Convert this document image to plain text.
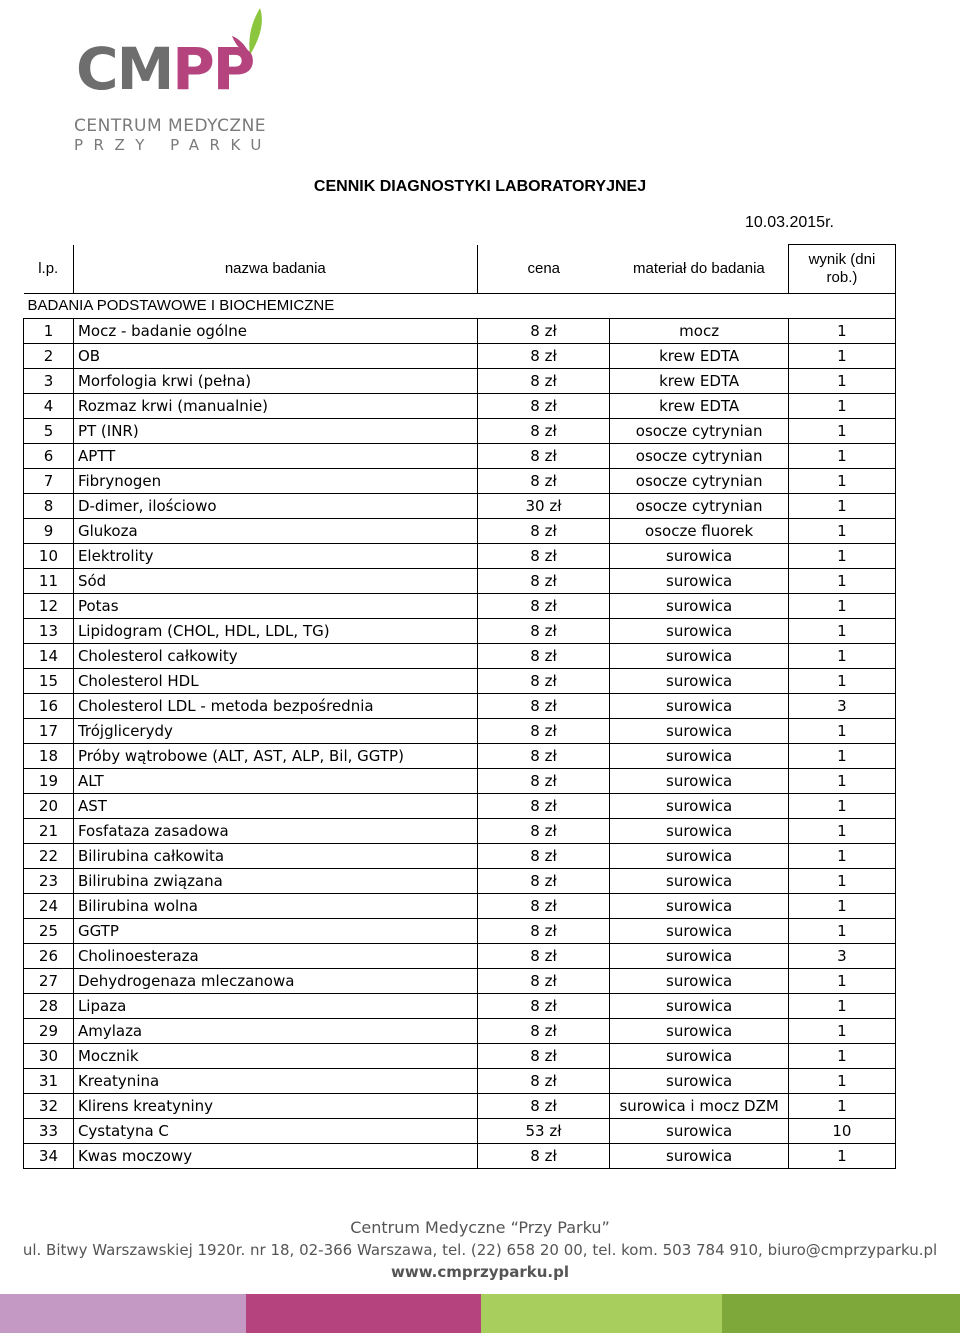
CMPP
CENTRUM MEDYCZNE
PRZY PARKU
CENNIK DIAGNOSTYKI LABORATORYJNEJ
10.03.2015r.
l.p.	nazwa badania	cena	materiał do badania	wynik (dni rob.)
BADANIA PODSTAWOWE I BIOCHEMICZNE				
1	Mocz - badanie ogólne	8 zł	mocz	1
2	OB	8 zł	krew EDTA	1
3	Morfologia krwi (pełna)	8 zł	krew EDTA	1
4	Rozmaz krwi (manualnie)	8 zł	krew EDTA	1
5	PT (INR)	8 zł	osocze cytrynian	1
6	APTT	8 zł	osocze cytrynian	1
7	Fibrynogen	8 zł	osocze cytrynian	1
8	D-dimer, ilościowo	30 zł	osocze cytrynian	1
9	Glukoza	8 zł	osocze fluorek	1
10	Elektrolity	8 zł	surowica	1
11	Sód	8 zł	surowica	1
12	Potas	8 zł	surowica	1
13	Lipidogram (CHOL, HDL, LDL, TG)	8 zł	surowica	1
14	Cholesterol całkowity	8 zł	surowica	1
15	Cholesterol HDL	8 zł	surowica	1
16	Cholesterol LDL - metoda bezpośrednia	8 zł	surowica	3
17	Trójglicerydy	8 zł	surowica	1
18	Próby wątrobowe (ALT, AST, ALP, Bil, GGTP)	8 zł	surowica	1
19	ALT	8 zł	surowica	1
20	AST	8 zł	surowica	1
21	Fosfataza zasadowa	8 zł	surowica	1
22	Bilirubina całkowita	8 zł	surowica	1
23	Bilirubina związana	8 zł	surowica	1
24	Bilirubina wolna	8 zł	surowica	1
25	GGTP	8 zł	surowica	1
26	Cholinoesteraza	8 zł	surowica	3
27	Dehydrogenaza mleczanowa	8 zł	surowica	1
28	Lipaza	8 zł	surowica	1
29	Amylaza	8 zł	surowica	1
30	Mocznik	8 zł	surowica	1
31	Kreatynina	8 zł	surowica	1
32	Klirens kreatyniny	8 zł	surowica i mocz DZM	1
33	Cystatyna C	53 zł	surowica	10
34	Kwas moczowy	8 zł	surowica	1
Centrum Medyczne “Przy Parku”
ul. Bitwy Warszawskiej 1920r. nr 18, 02-366 Warszawa, tel. (22) 658 20 00, tel. kom. 503 784 910, biuro@cmprzyparku.pl
www.cmprzyparku.pl
